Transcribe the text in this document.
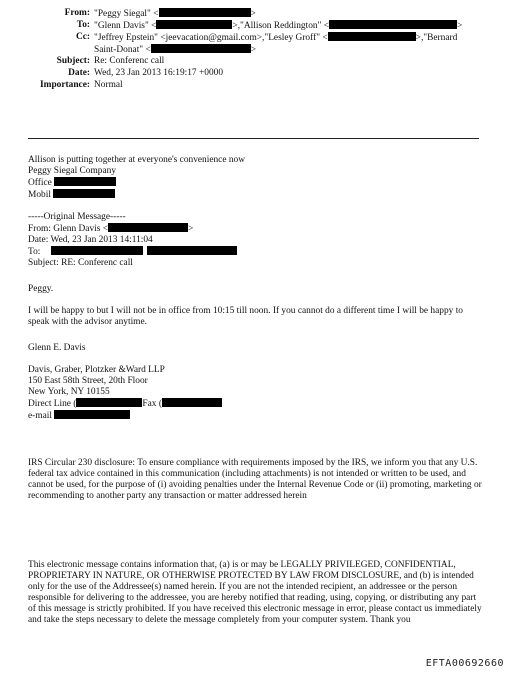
From: "Peggy Siegal" <	>
To: "Glenn Davis" <	>,"Allison Reddington" <	>
Cc: "Jeffrey Epstein" <jeevacation@gmail.com>,"Lesley Groff" <	>,"Bernard
Saint-Donat" <	>
Subject: Re: Conferenc call
Date: Wed, 23 Jan 2013 16:19:17 +0000
Importance: Normal
Allison is putting together at everyone's convenience now
Peggy Siegal Company
Office
Mobil
-----Original Message-----
From: Glenn Davis <	>
Date: Wed, 23 Jan 2013 14:11:04
To:
Subject: RE: Conferenc call
Peggy.
I will be happy to but I will not be in office from 10:15 till noon. If you cannot do a different time I will be happy to speak with the advisor anytime.
Glenn E. Davis
Davis, Graber, Plotzker &Ward LLP
150 East 58th Street, 20th Floor
New York, NY 10155
Direct Line (	Fax (
e-mail
IRS Circular 230 disclosure: To ensure compliance with requirements imposed by the IRS, we inform you that any U.S. federal tax advice contained in this communication (including attachments) is not intended or written to be used, and cannot be used, for the purpose of (i) avoiding penalties under the Internal Revenue Code or (ii) promoting, marketing or recommending to another party any transaction or matter addressed herein
This electronic message contains information that, (a) is or may be LEGALLY PRIVILEGED, CONFIDENTIAL, PROPRIETARY IN NATURE, OR OTHERWISE PROTECTED BY LAW FROM DISCLOSURE, and (b) is intended only for the use of the Addressee(s) named herein. If you are not the intended recipient, an addressee or the person responsible for delivering to the addressee, you are hereby notified that reading, using, copying, or distributing any part of this message is strictly prohibited. If you have received this electronic message in error, please contact us immediately and take the steps necessary to delete the message completely from your computer system. Thank you
EFTA00692660
